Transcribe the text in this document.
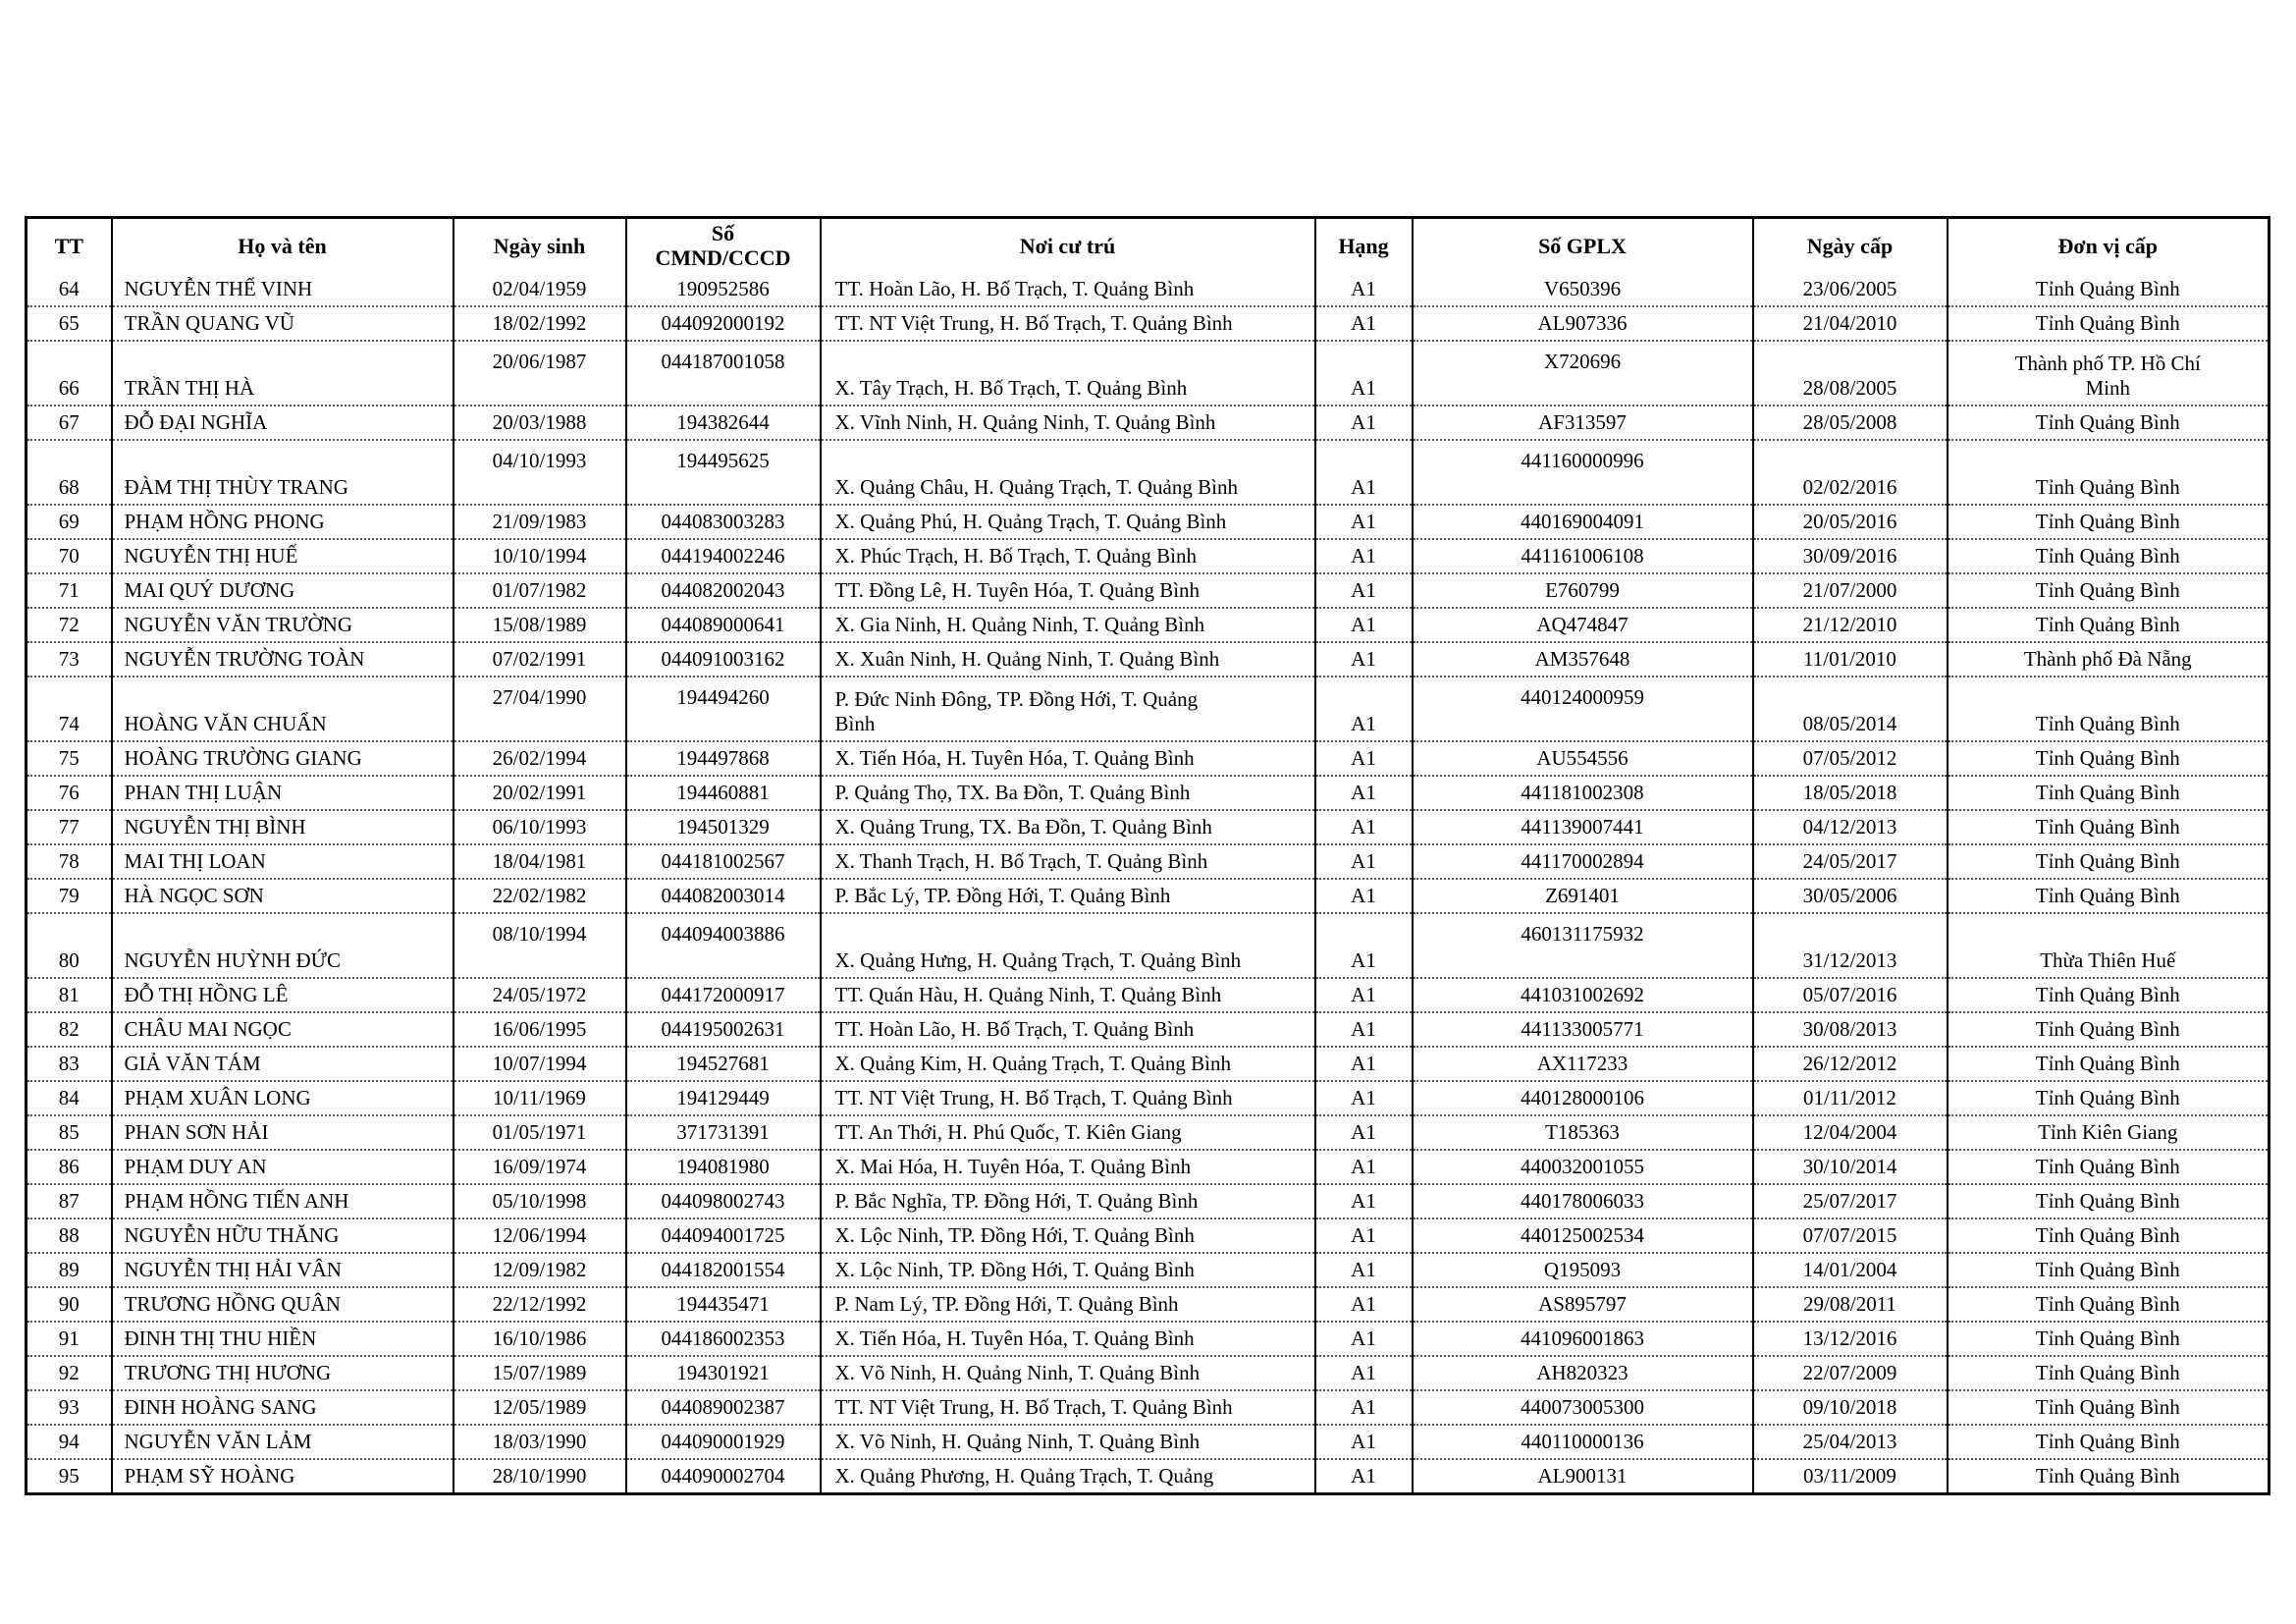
TT	Họ và tên	Ngày sinh	Số CMND/CCCD	Nơi cư trú	Hạng	Số GPLX	Ngày cấp	Đơn vị cấp

64	NGUYỄN THẾ VINH	02/04/1959	190952586	TT. Hoàn Lão, H. Bố Trạch, T. Quảng Bình	A1	V650396	23/06/2005	Tỉnh Quảng Bình

65	TRẦN QUANG VŨ	18/02/1992	044092000192	TT. NT Việt Trung, H. Bố Trạch, T. Quảng Bình	A1	AL907336	21/04/2010	Tỉnh Quảng Bình

66	TRẦN THỊ HÀ	20/06/1987	044187001058	X. Tây Trạch, H. Bố Trạch, T. Quảng Bình	A1	X720696	28/08/2005	Thành phố TP. Hồ Chí Minh

67	ĐỖ ĐẠI NGHĨA	20/03/1988	194382644	X. Vĩnh Ninh, H. Quảng Ninh, T. Quảng Bình	A1	AF313597	28/05/2008	Tỉnh Quảng Bình

68	ĐÀM THỊ THÙY TRANG	04/10/1993	194495625	X. Quảng Châu, H. Quảng Trạch, T. Quảng Bình	A1	441160000996	02/02/2016	Tỉnh Quảng Bình

69	PHẠM HỒNG PHONG	21/09/1983	044083003283	X. Quảng Phú, H. Quảng Trạch, T. Quảng Bình	A1	440169004091	20/05/2016	Tỉnh Quảng Bình

70	NGUYỄN THỊ HUẾ	10/10/1994	044194002246	X. Phúc Trạch, H. Bố Trạch, T. Quảng Bình	A1	441161006108	30/09/2016	Tỉnh Quảng Bình

71	MAI QUÝ DƯƠNG	01/07/1982	044082002043	TT. Đồng Lê, H. Tuyên Hóa, T. Quảng Bình	A1	E760799	21/07/2000	Tỉnh Quảng Bình

72	NGUYỄN VĂN TRƯỜNG	15/08/1989	044089000641	X. Gia Ninh, H. Quảng Ninh, T. Quảng Bình	A1	AQ474847	21/12/2010	Tỉnh Quảng Bình

73	NGUYỄN TRƯỜNG TOÀN	07/02/1991	044091003162	X. Xuân Ninh, H. Quảng Ninh, T. Quảng Bình	A1	AM357648	11/01/2010	Thành phố Đà Nẵng

74	HOÀNG VĂN CHUẨN	27/04/1990	194494260	P. Đức Ninh Đông, TP. Đồng Hới, T. Quảng Bình	A1	440124000959	08/05/2014	Tỉnh Quảng Bình

75	HOÀNG TRƯỜNG GIANG	26/02/1994	194497868	X. Tiến Hóa, H. Tuyên Hóa, T. Quảng Bình	A1	AU554556	07/05/2012	Tỉnh Quảng Bình

76	PHAN THỊ LUẬN	20/02/1991	194460881	P. Quảng Thọ, TX. Ba Đồn, T. Quảng Bình	A1	441181002308	18/05/2018	Tỉnh Quảng Bình

77	NGUYỄN THỊ BÌNH	06/10/1993	194501329	X. Quảng Trung, TX. Ba Đồn, T. Quảng Bình	A1	441139007441	04/12/2013	Tỉnh Quảng Bình

78	MAI THỊ LOAN	18/04/1981	044181002567	X. Thanh Trạch, H. Bố Trạch, T. Quảng Bình	A1	441170002894	24/05/2017	Tỉnh Quảng Bình

79	HÀ NGỌC SƠN	22/02/1982	044082003014	P. Bắc Lý, TP. Đồng Hới, T. Quảng Bình	A1	Z691401	30/05/2006	Tỉnh Quảng Bình

80	NGUYỄN HUỲNH ĐỨC	08/10/1994	044094003886	X. Quảng Hưng, H. Quảng Trạch, T. Quảng Bình	A1	460131175932	31/12/2013	Thừa Thiên Huế

81	ĐỖ THỊ HỒNG LÊ	24/05/1972	044172000917	TT. Quán Hàu, H. Quảng Ninh, T. Quảng Bình	A1	441031002692	05/07/2016	Tỉnh Quảng Bình

82	CHÂU MAI NGỌC	16/06/1995	044195002631	TT. Hoàn Lão, H. Bố Trạch, T. Quảng Bình	A1	441133005771	30/08/2013	Tỉnh Quảng Bình

83	GIẢ VĂN TÁM	10/07/1994	194527681	X. Quảng Kim, H. Quảng Trạch, T. Quảng Bình	A1	AX117233	26/12/2012	Tỉnh Quảng Bình

84	PHẠM XUÂN LONG	10/11/1969	194129449	TT. NT Việt Trung, H. Bố Trạch, T. Quảng Bình	A1	440128000106	01/11/2012	Tỉnh Quảng Bình

85	PHAN SƠN HẢI	01/05/1971	371731391	TT. An Thới, H. Phú Quốc, T. Kiên Giang	A1	T185363	12/04/2004	Tỉnh Kiên Giang

86	PHẠM DUY AN	16/09/1974	194081980	X. Mai Hóa, H. Tuyên Hóa, T. Quảng Bình	A1	440032001055	30/10/2014	Tỉnh Quảng Bình

87	PHẠM HỒNG TIẾN ANH	05/10/1998	044098002743	P. Bắc Nghĩa, TP. Đồng Hới, T. Quảng Bình	A1	440178006033	25/07/2017	Tỉnh Quảng Bình

88	NGUYỄN HỮU THĂNG	12/06/1994	044094001725	X. Lộc Ninh, TP. Đồng Hới, T. Quảng Bình	A1	440125002534	07/07/2015	Tỉnh Quảng Bình

89	NGUYỄN THỊ HẢI VÂN	12/09/1982	044182001554	X. Lộc Ninh, TP. Đồng Hới, T. Quảng Bình	A1	Q195093	14/01/2004	Tỉnh Quảng Bình

90	TRƯƠNG HỒNG QUÂN	22/12/1992	194435471	P. Nam Lý, TP. Đồng Hới, T. Quảng Bình	A1	AS895797	29/08/2011	Tỉnh Quảng Bình

91	ĐINH THỊ THU HIỀN	16/10/1986	044186002353	X. Tiến Hóa, H. Tuyên Hóa, T. Quảng Bình	A1	441096001863	13/12/2016	Tỉnh Quảng Bình

92	TRƯƠNG THỊ HƯƠNG	15/07/1989	194301921	X. Võ Ninh, H. Quảng Ninh, T. Quảng Bình	A1	AH820323	22/07/2009	Tỉnh Quảng Bình

93	ĐINH HOÀNG SANG	12/05/1989	044089002387	TT. NT Việt Trung, H. Bố Trạch, T. Quảng Bình	A1	440073005300	09/10/2018	Tỉnh Quảng Bình

94	NGUYỄN VĂN LẢM	18/03/1990	044090001929	X. Võ Ninh, H. Quảng Ninh, T. Quảng Bình	A1	440110000136	25/04/2013	Tỉnh Quảng Bình

95	PHẠM SỸ HOÀNG	28/10/1990	044090002704	X. Quảng Phương, H. Quảng Trạch, T. Quảng	A1	AL900131	03/11/2009	Tỉnh Quảng Bình
